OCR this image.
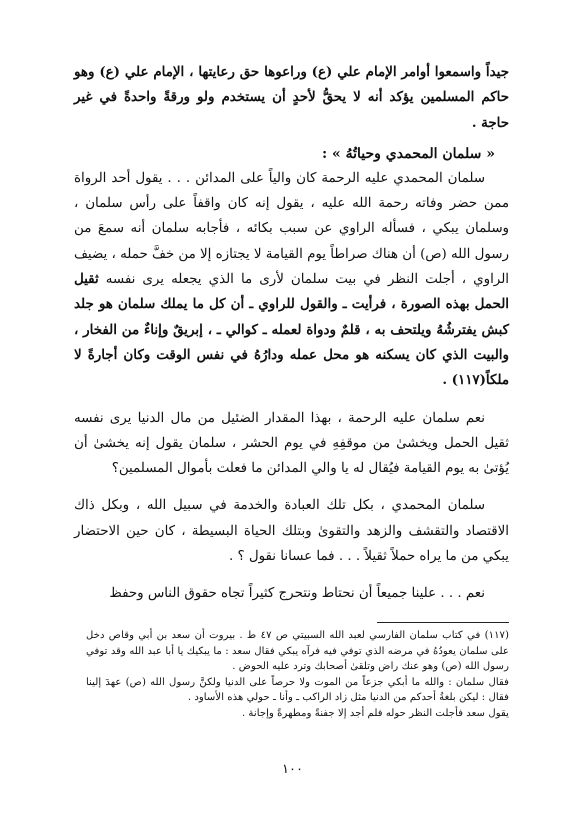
جيداً واسمعوا أوامر الإمام علي (ع) وراعوها حق رعايتها ، الإمام علي (ع) وهو حاكم المسلمين يؤكد أنه لا يحقُّ لأحدٍ أن يستخدم ولو ورقةً واحدةً في غير حاجة .

« سلمان المحمدي وحياتُهُ » :

سلمان المحمدي عليه الرحمة كان والياً على المدائن . . . يقول أحد الرواة ممن حضر وفاته رحمة الله عليه ، يقول إنه كان واقفاً على رأس سلمان ، وسلمان يبكي ، فسأله الراوي عن سبب بكائه ، فأجابه سلمان أنه سمعَ من رسول الله (ص) أن هناك صراطاً يوم القيامة لا يجتازه إلا من خفَّ حمله ، يضيف الراوي ، أجلت النظر في بيت سلمان لأرى ما الذي يجعله يرى نفسه ثقيل الحمل بهذه الصورة ، فرأيت ـ والقول للراوي ـ أن كل ما يملك سلمان هو جلد كبش يفترشُهُ ويلتحف به ، قلمٌ ودواة لعمله ـ كوالي ـ ، إبريقٌ وإناءٌ من الفخار ، والبيت الذي كان يسكنه هو محل عمله ودارُهُ في نفس الوقت وكان أجارةً لا ملكاً(١١٧) .

نعم سلمان عليه الرحمة ، بهذا المقدار الضئيل من مال الدنيا يرى نفسه ثقيل الحمل ويخشىٰ من موقفِهِ في يوم الحشر ، سلمان يقول إنه يخشىٰ أن يُؤتىٰ به يوم القيامة فيُقال له يا والي المدائن ما فعلت بأموال المسلمين؟

سلمان المحمدي ، بكل تلك العبادة والخدمة في سبيل الله ، وبكل ذاك الاقتصاد والتقشف والزهد والتقوىٰ وبتلك الحياة البسيطة ، كان حين الاحتضار يبكي من ما يراه حملاً ثقيلاً . . . فما عسانا نقول ؟ .

نعم . . . علينا جميعاً أن نحتاط ونتحرج كثيراً تجاه حقوق الناس وحفظ

(١١٧) في كتاب سلمان الفارسي لعبد الله السبيتي ص ٤٧ ط . بيروت أن سعد بن أبي وقاص دخل على سلمان يعودُهُ في مرضه الذي توفي فيه فرآه يبكي فقال سعد : ما يبكيك يا أبا عبد الله وقد توفي رسول الله (ص) وهو عنك راض وتلقىٰ أصحابك وترد عليه الحوض .

فقال سلمان : والله ما أبكي جزعاً من الموت ولا حرصاً على الدنيا ولكنَّ رسول الله (ص) عهدَ إلينا فقال : ليكن بلغةُ أحدكم من الدنيا مثل زاد الراكب ـ وأنا ـ حولي هذه الأساود .

يقول سعد فأجلت النظر حوله فلم أجد إلا جفنةً ومطهرةً وإجانة .

١٠٠
